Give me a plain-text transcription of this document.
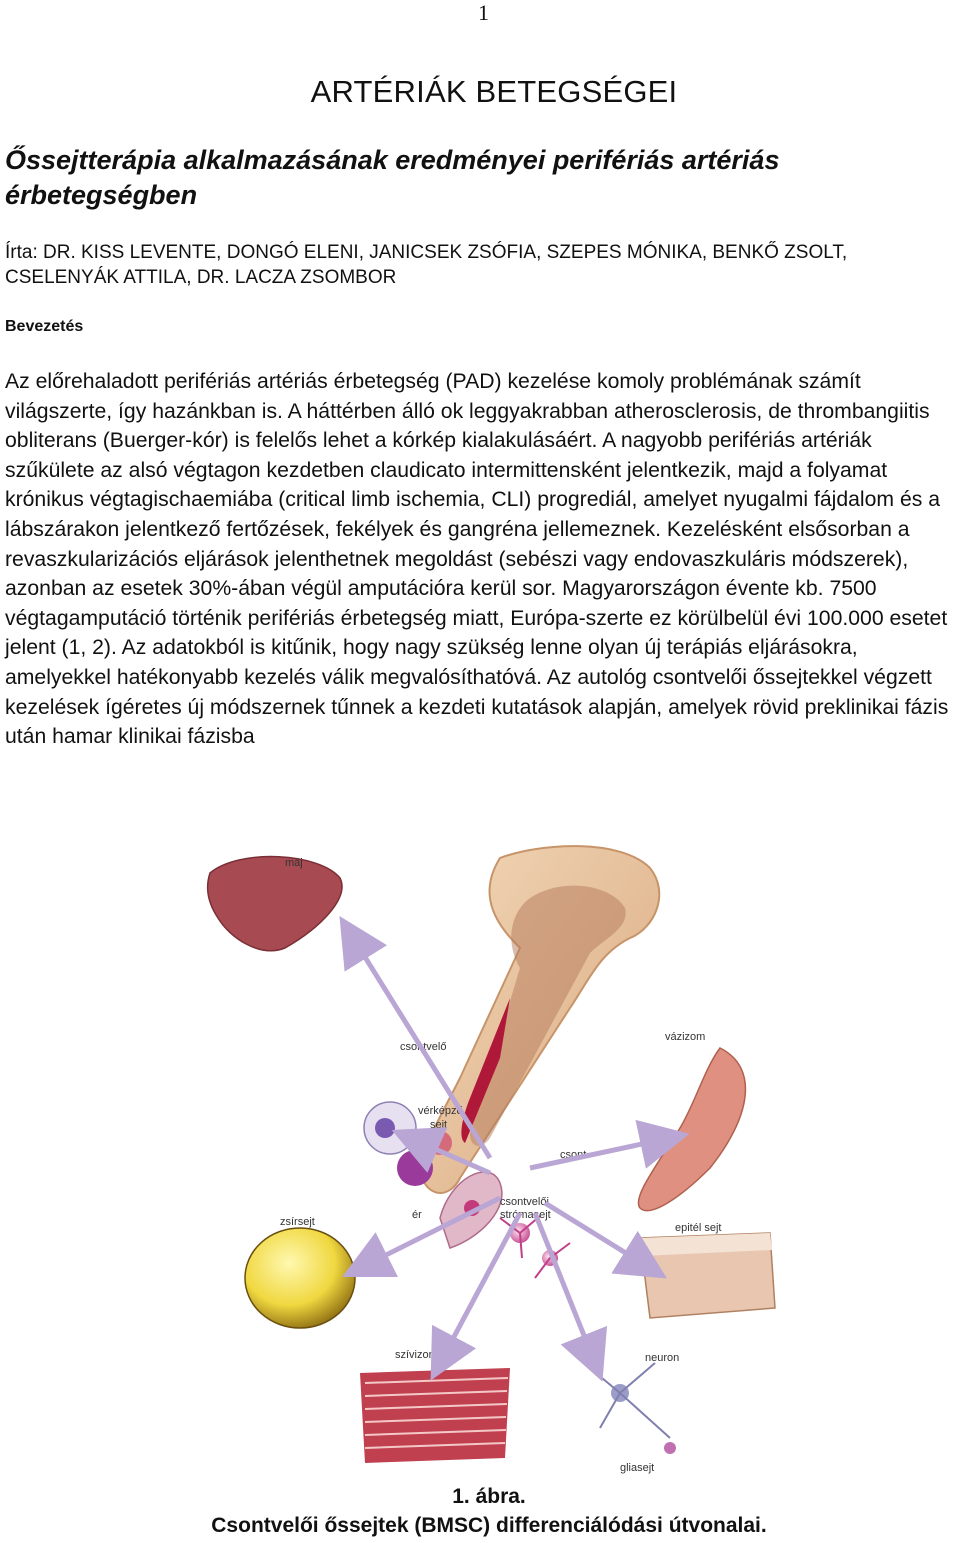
1
ARTÉRIÁK BETEGSÉGEI
Őssejtterápia alkalmazásának eredményei perifériás artériás érbetegségben
Írta: DR. KISS LEVENTE, DONGÓ ELENI, JANICSEK ZSÓFIA, SZEPES MÓNIKA, BENKŐ ZSOLT, CSELENYÁK ATTILA, DR. LACZA ZSOMBOR
Bevezetés

Az előrehaladott perifériás artériás érbetegség (PAD) kezelése komoly problémának számít világszerte, így hazánkban is. A háttérben álló ok leggyakrabban atherosclerosis, de thrombangiitis obliterans (Buerger-kór) is felelős lehet a kórkép kialakulásáért. A nagyobb perifériás artériák szűkülete az alsó végtagon kezdetben claudicato intermittensként jelentkezik, majd a folyamat krónikus végtagischaemiába (critical limb ischemia, CLI) progrediál, amelyet nyugalmi fájdalom és a lábszárakon jelentkező fertőzések, fekélyek és gangréna jellemeznek. Kezelésként elsősorban a revaszkularizációs eljárások jelenthetnek megoldást (sebészi vagy endovaszkuláris módszerek), azonban az esetek 30%-ában végül amputációra kerül sor. Magyarországon évente kb. 7500 végtagamputáció történik perifériás érbetegség miatt, Európa-szerte ez körülbelül évi 100.000 esetet jelent (1, 2). Az adatokból is kitűnik, hogy nagy szükség lenne olyan új terápiás eljárásokra, amelyekkel hatékonyabb kezelés válik megvalósíthatóvá. Az autológ csontvelői őssejtekkel végzett kezelések ígéretes új módszernek tűnnek a kezdeti kutatások alapján, amelyek rövid preklinikai fázis után hamar klinikai fázisba

máj
csontvelő
csont
vázizom
vérképző
sejt
ér
csontvelői
strómasejt
epitél sejt
zsírsejt
szívizom	neuron
gliasejt
1. ábra.
Csontvelői őssejtek (BMSC) differenciálódási útvonalai.
